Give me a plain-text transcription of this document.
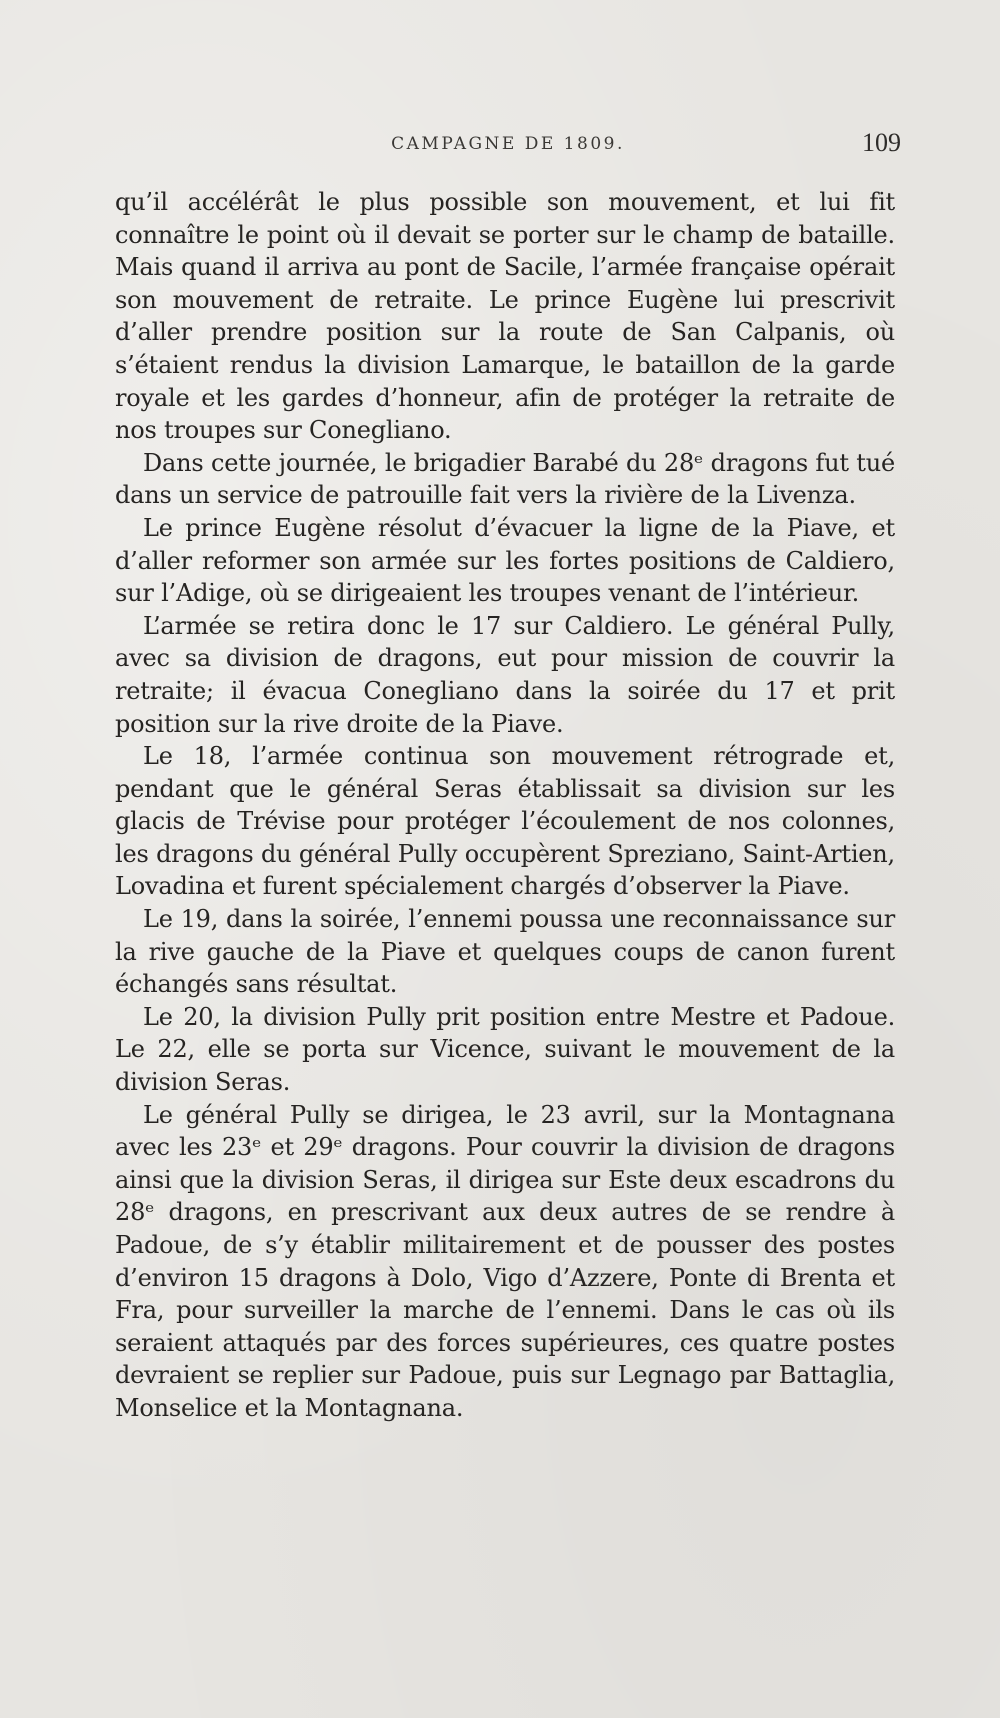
CAMPAGNE DE 1809.	109

qu’il accélérât le plus possible son mouvement, et lui fit connaître le point où il devait se porter sur le champ de bataille. Mais quand il arriva au pont de Sacile, l’armée française opérait son mouvement de retraite. Le prince Eugène lui prescrivit d’aller prendre position sur la route de San Calpanis, où s’étaient rendus la division Lamarque, le bataillon de la garde royale et les gardes d’honneur, afin de protéger la retraite de nos troupes sur Conegliano.

Dans cette journée, le brigadier Barabé du 28ᵉ dragons fut tué dans un service de patrouille fait vers la rivière de la Livenza.

Le prince Eugène résolut d’évacuer la ligne de la Piave, et d’aller reformer son armée sur les fortes positions de Caldiero, sur l’Adige, où se dirigeaient les troupes venant de l’intérieur.

L’armée se retira donc le 17 sur Caldiero. Le général Pully, avec sa division de dragons, eut pour mission de couvrir la retraite; il évacua Conegliano dans la soirée du 17 et prit position sur la rive droite de la Piave.

Le 18, l’armée continua son mouvement rétrograde et, pendant que le général Seras établissait sa division sur les glacis de Trévise pour protéger l’écoulement de nos colonnes, les dragons du général Pully occupèrent Spreziano, Saint-Artien, Lovadina et furent spécialement chargés d’observer la Piave.

Le 19, dans la soirée, l’ennemi poussa une reconnaissance sur la rive gauche de la Piave et quelques coups de canon furent échangés sans résultat.

Le 20, la division Pully prit position entre Mestre et Padoue. Le 22, elle se porta sur Vicence, suivant le mouvement de la division Seras.

Le général Pully se dirigea, le 23 avril, sur la Montagnana avec les 23ᵉ et 29ᵉ dragons. Pour couvrir la division de dragons ainsi que la division Seras, il dirigea sur Este deux escadrons du 28ᵉ dragons, en prescrivant aux deux autres de se rendre à Padoue, de s’y établir militairement et de pousser des postes d’environ 15 dragons à Dolo, Vigo d’Azzere, Ponte di Brenta et Fra, pour surveiller la marche de l’ennemi. Dans le cas où ils seraient attaqués par des forces supérieures, ces quatre postes devraient se replier sur Padoue, puis sur Legnago par Battaglia, Monselice et la Montagnana.
